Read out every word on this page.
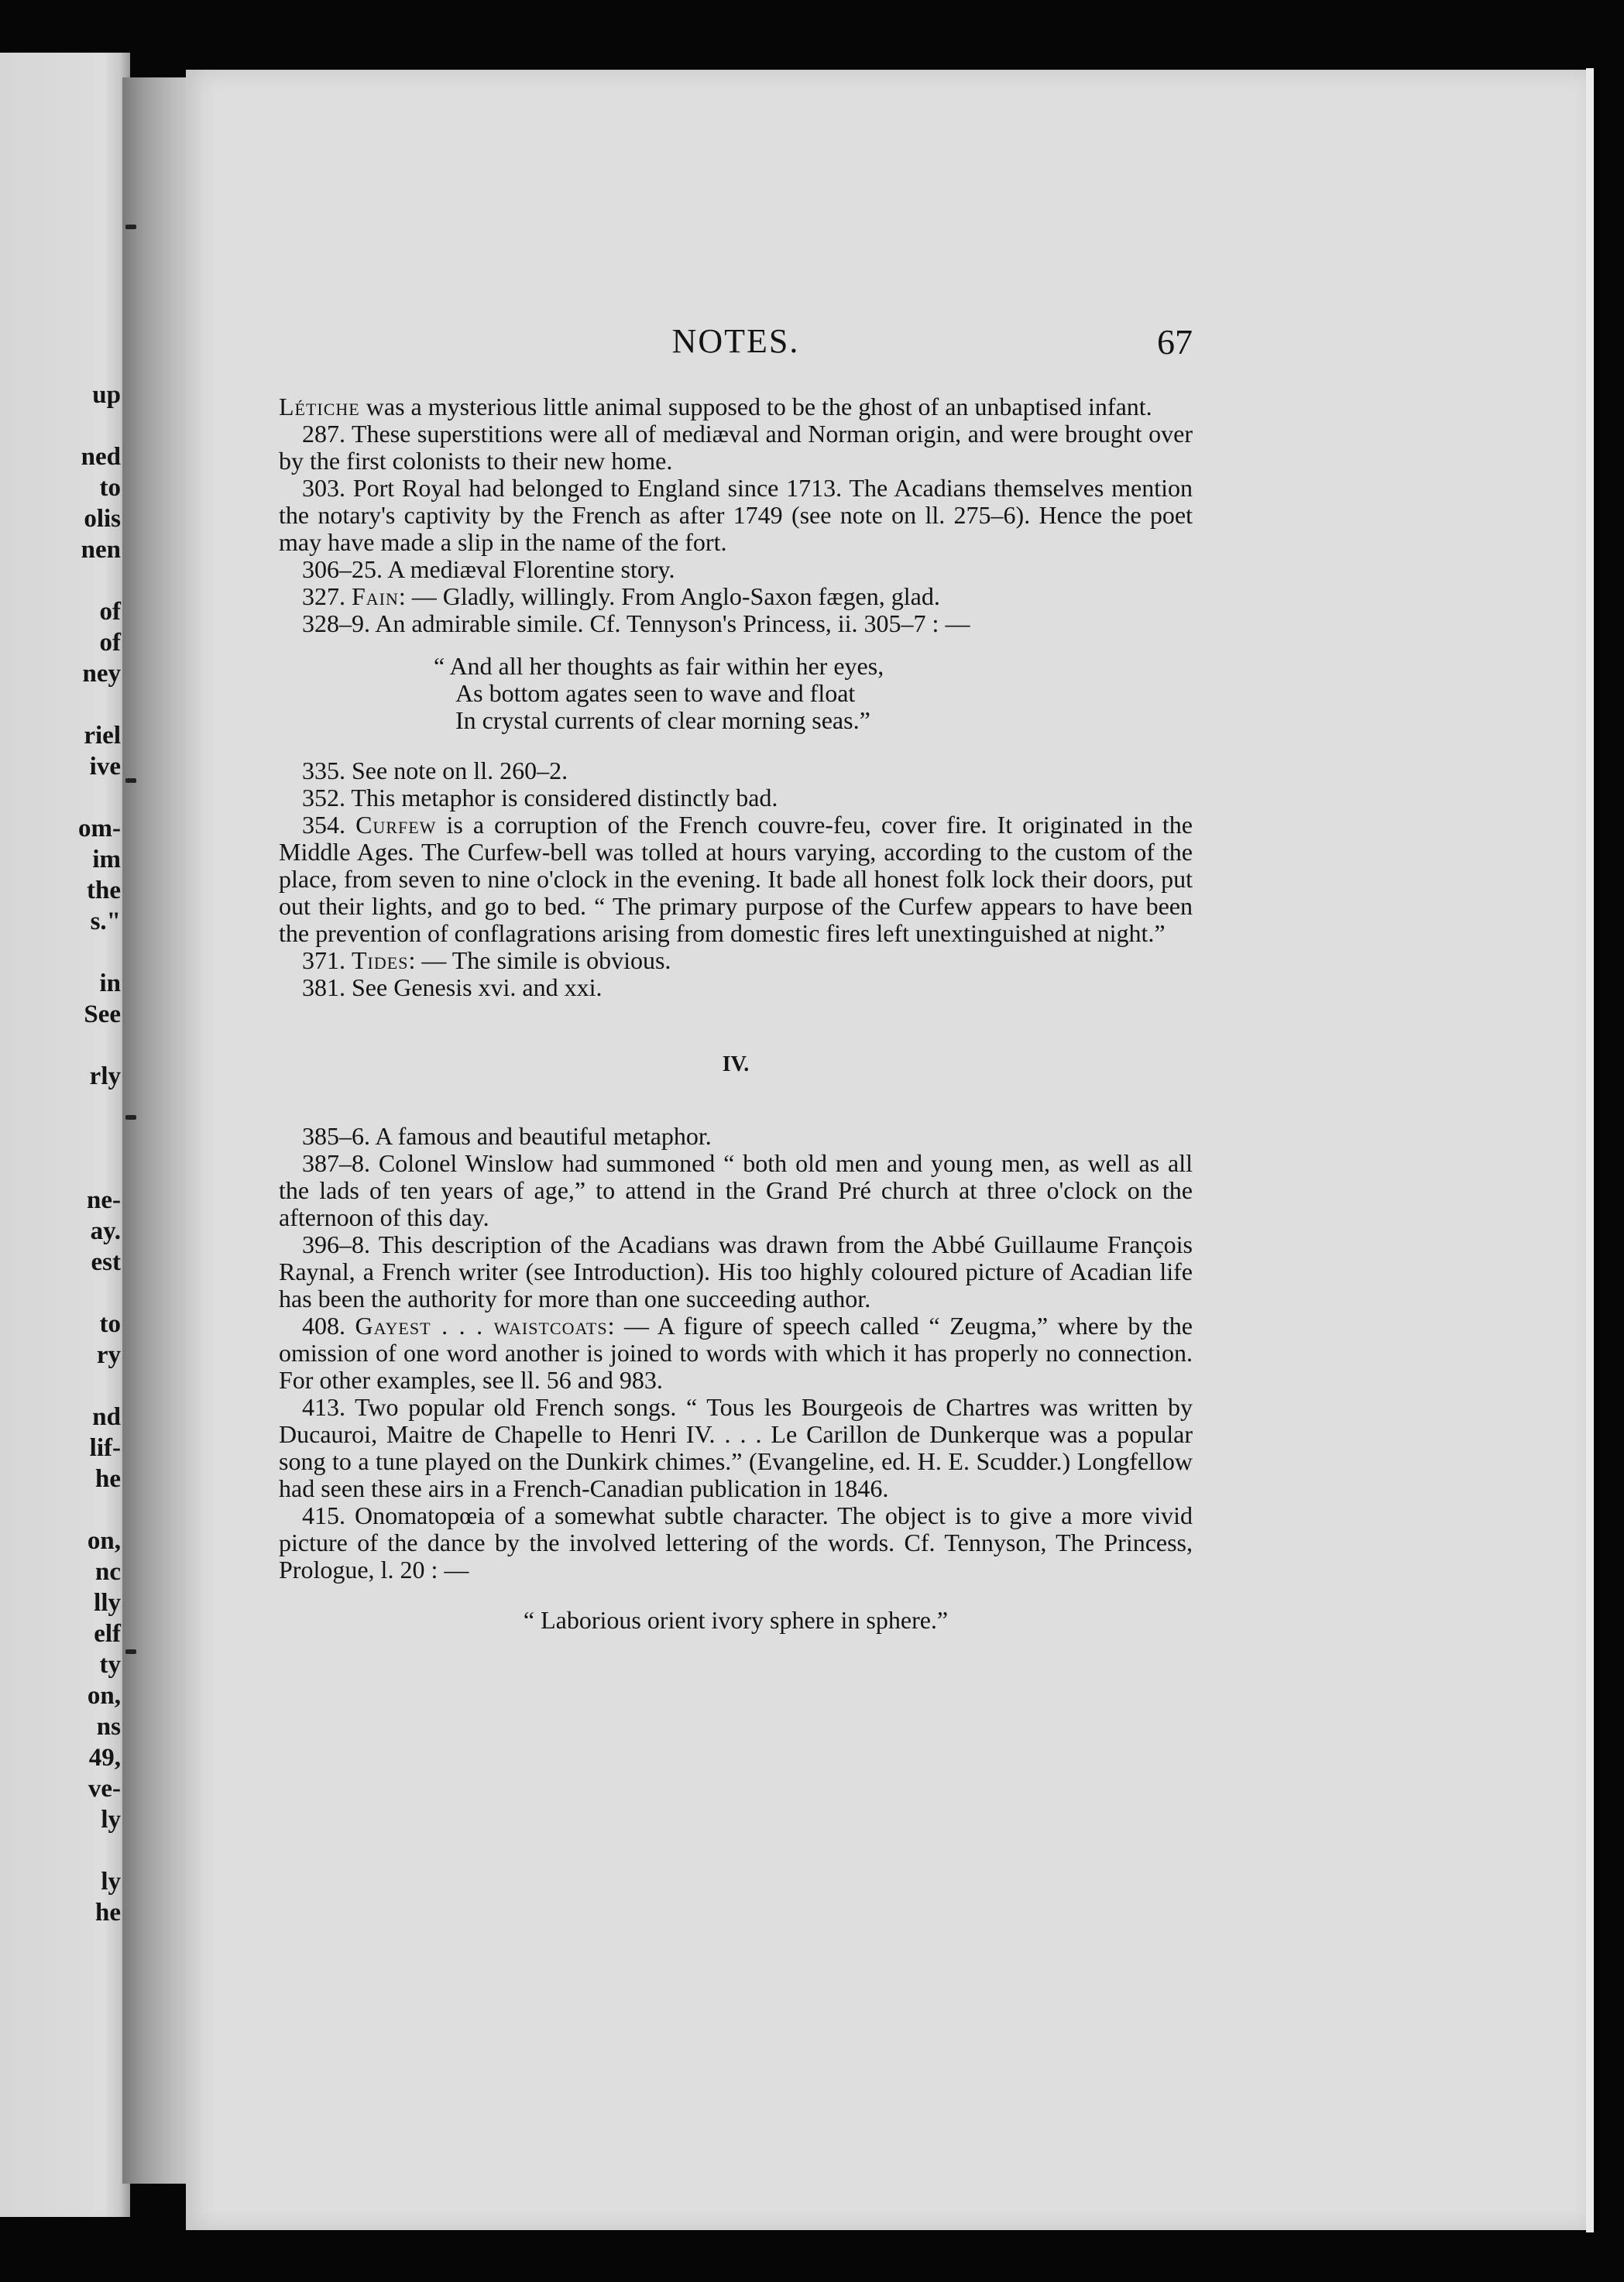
up
ned
to
olis
nen
of
of
ney
riel
ive
om-
im
the
s."
in
See
rly
ne-
ay.
est
to
ry
nd
lif-
he
on,
nc
lly
elf
ty
on,
ns
49,
ve-
ly
ly
he
NOTES.	67

Létiche was a mysterious little animal supposed to be the ghost of an unbaptised infant.

287. These superstitions were all of mediæval and Norman origin, and were brought over by the first colonists to their new home.

303. Port Royal had belonged to England since 1713. The Acadians themselves mention the notary's captivity by the French as after 1749 (see note on ll. 275–6). Hence the poet may have made a slip in the name of the fort.

306–25. A mediæval Florentine story.

327. Fain: — Gladly, willingly. From Anglo-Saxon fægen, glad.

328–9. An admirable simile. Cf. Tennyson's Princess, ii. 305–7 : —

“ And all her thoughts as fair within her eyes,
As bottom agates seen to wave and float
In crystal currents of clear morning seas.”

335. See note on ll. 260–2.

352. This metaphor is considered distinctly bad.

354. Curfew is a corruption of the French couvre-feu, cover fire. It originated in the Middle Ages. The Curfew-bell was tolled at hours varying, according to the custom of the place, from seven to nine o'clock in the evening. It bade all honest folk lock their doors, put out their lights, and go to bed. “ The primary purpose of the Curfew appears to have been the prevention of conflagrations arising from domestic fires left unextinguished at night.”

371. Tides: — The simile is obvious.

381. See Genesis xvi. and xxi.

IV.

385–6. A famous and beautiful metaphor.

387–8. Colonel Winslow had summoned “ both old men and young men, as well as all the lads of ten years of age,” to attend in the Grand Pré church at three o'clock on the afternoon of this day.

396–8. This description of the Acadians was drawn from the Abbé Guillaume François Raynal, a French writer (see Introduction). His too highly coloured picture of Acadian life has been the authority for more than one succeeding author.

408. Gayest . . . waistcoats: — A figure of speech called “ Zeugma,” where by the omission of one word another is joined to words with which it has properly no connection. For other examples, see ll. 56 and 983.

413. Two popular old French songs. “ Tous les Bourgeois de Chartres was written by Ducauroi, Maitre de Chapelle to Henri IV. . . . Le Carillon de Dunkerque was a popular song to a tune played on the Dunkirk chimes.” (Evangeline, ed. H. E. Scudder.) Longfellow had seen these airs in a French-Canadian publication in 1846.

415. Onomatopœia of a somewhat subtle character. The object is to give a more vivid picture of the dance by the involved lettering of the words. Cf. Tennyson, The Princess, Prologue, l. 20 : —

“ Laborious orient ivory sphere in sphere.”
